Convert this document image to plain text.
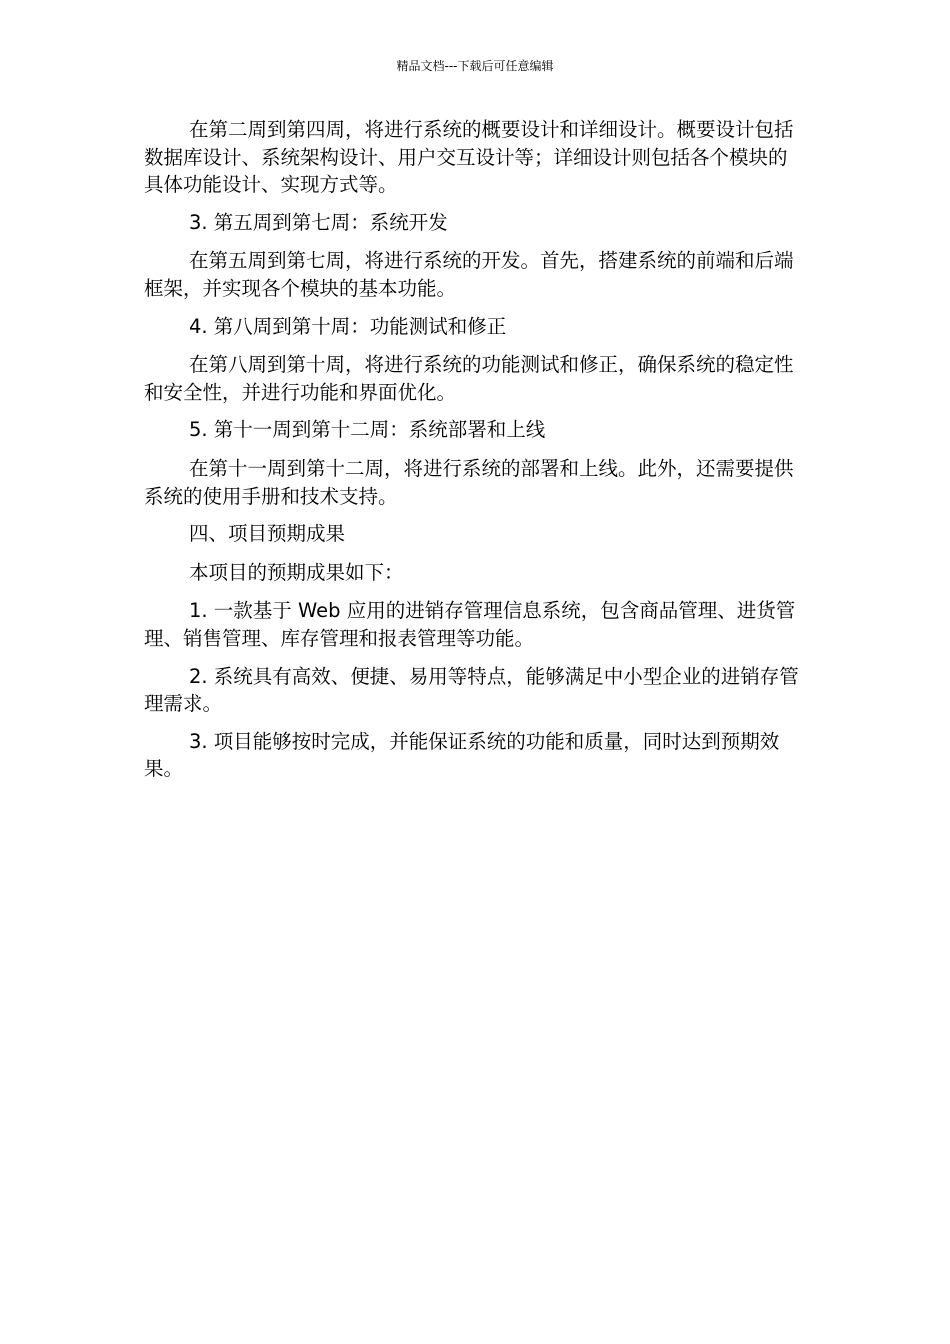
精品文档---下载后可任意编辑

在第二周到第四周，将进行系统的概要设计和详细设计。概要设计包括数据库设计、系统架构设计、用户交互设计等；详细设计则包括各个模块的具体功能设计、实现方式等。

3. 第五周到第七周：系统开发

在第五周到第七周，将进行系统的开发。首先，搭建系统的前端和后端框架，并实现各个模块的基本功能。

4. 第八周到第十周：功能测试和修正

在第八周到第十周，将进行系统的功能测试和修正，确保系统的稳定性和安全性，并进行功能和界面优化。

5. 第十一周到第十二周：系统部署和上线

在第十一周到第十二周，将进行系统的部署和上线。此外，还需要提供系统的使用手册和技术支持。

四、项目预期成果

本项目的预期成果如下：

1. 一款基于 Web 应用的进销存管理信息系统，包含商品管理、进货管理、销售管理、库存管理和报表管理等功能。

2. 系统具有高效、便捷、易用等特点，能够满足中小型企业的进销存管理需求。

3. 项目能够按时完成，并能保证系统的功能和质量，同时达到预期效果。
